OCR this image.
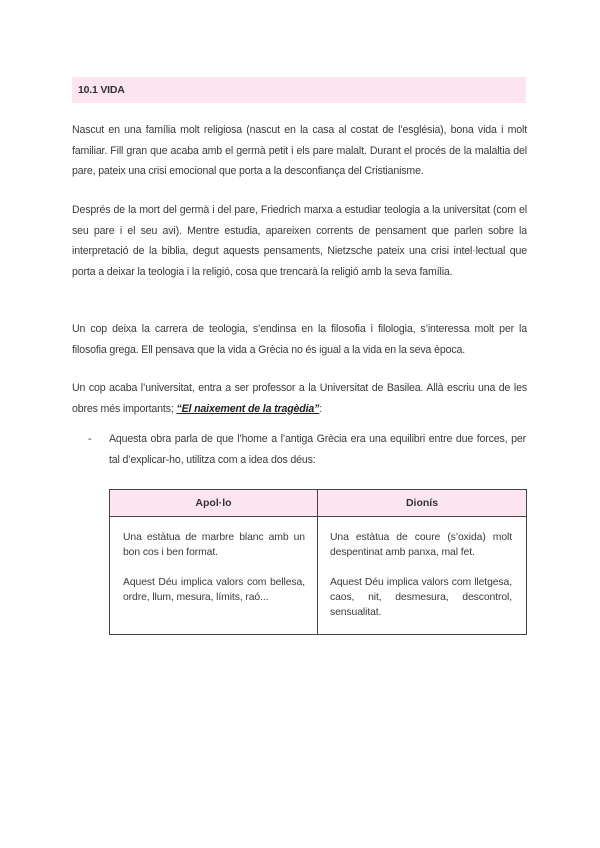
10.1 VIDA

Nascut en una família molt religiosa (nascut en la casa al costat de l’església), bona vida i molt familiar. Fill gran que acaba amb el germà petit i els pare malalt. Durant el procés de la malaltia del pare, pateix una crisi emocional que porta a la desconfiança del Cristianisme.

Després de la mort del germà i del pare, Friedrich marxa a estudiar teologia a la universitat (com el seu pare i el seu avi). Mentre estudia, apareixen corrents de pensament que parlen sobre la interpretació de la biblia, degut aquests pensaments, Nietzsche pateix una crisi intel·lectual que porta a deixar la teologia i la religió, cosa que trencarà la religió amb la seva família.

Un cop deixa la carrera de teologia, s’endinsa en la filosofia i filologia, s’interessa molt per la filosofia grega. Ell pensava que la vida a Grècia no és igual a la vida en la seva època.

Un cop acaba l’universitat, entra a ser professor a la Universitat de Basilea. Allà escriu una de les obres més importants; “El naixement de la tragèdia”:

- Aquesta obra parla de que l’home a l’antiga Grècia era una equilibri entre due forces, per tal d’explicar-ho, utilitza com a idea dos déus:

Apol·lo	Dionís

Una estàtua de marbre blanc amb un bon cos i ben format.

Aquest Déu implica valors com bellesa, ordre, llum, mesura, límits, raó...

Una estàtua de coure (s’oxida) molt despentinat amb panxa, mal fet.

Aquest Déu implica valors com lletgesa, caos, nit, desmesura, descontrol, sensualitat.
